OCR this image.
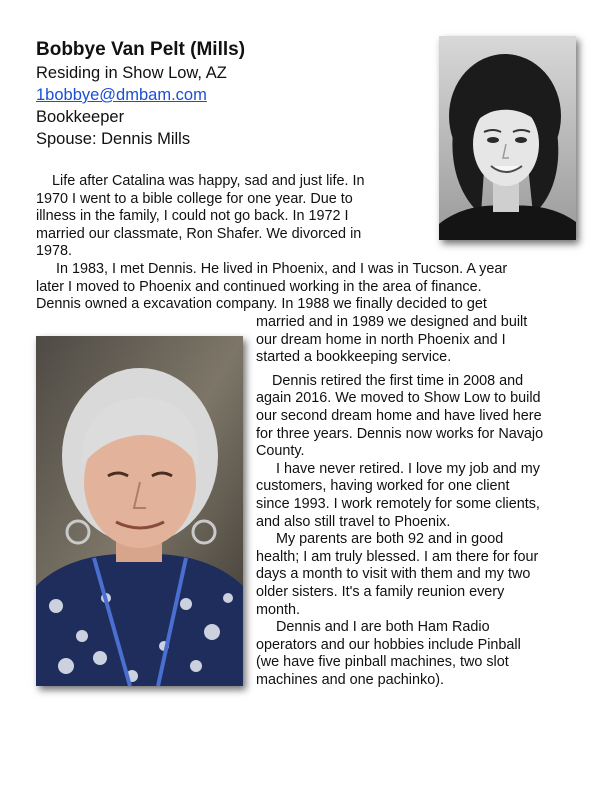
Bobbye Van Pelt (Mills)
Residing in Show Low, AZ
1bobbye@dmbam.com
Bookkeeper
Spouse: Dennis Mills

Life after Catalina was happy, sad and just life. In
1970 I went to a bible college for one year. Due to
illness in the family, I could not go back. In 1972 I
married our classmate, Ron Shafer. We divorced in
1978.

In 1983, I met Dennis. He lived in Phoenix, and I was in Tucson. A year
later I moved to Phoenix and continued working in the area of finance.
Dennis owned a excavation company. In 1988 we finally decided to get

married and in 1989 we designed and built
our dream home in north Phoenix and I
started a bookkeeping service.

Dennis retired the first time in 2008 and
again 2016. We moved to Show Low to build
our second dream home and have lived here
for three years. Dennis now works for Navajo
County.

I have never retired. I love my job and my
customers, having worked for one client
since 1993. I work remotely for some clients,
and also still travel to Phoenix.

My parents are both 92 and in good
health; I am truly blessed. I am there for four
days a month to visit with them and my two
older sisters. It's a family reunion every
month.

Dennis and I are both Ham Radio
operators and our hobbies include Pinball
(we have five pinball machines, two slot
machines and one pachinko).
